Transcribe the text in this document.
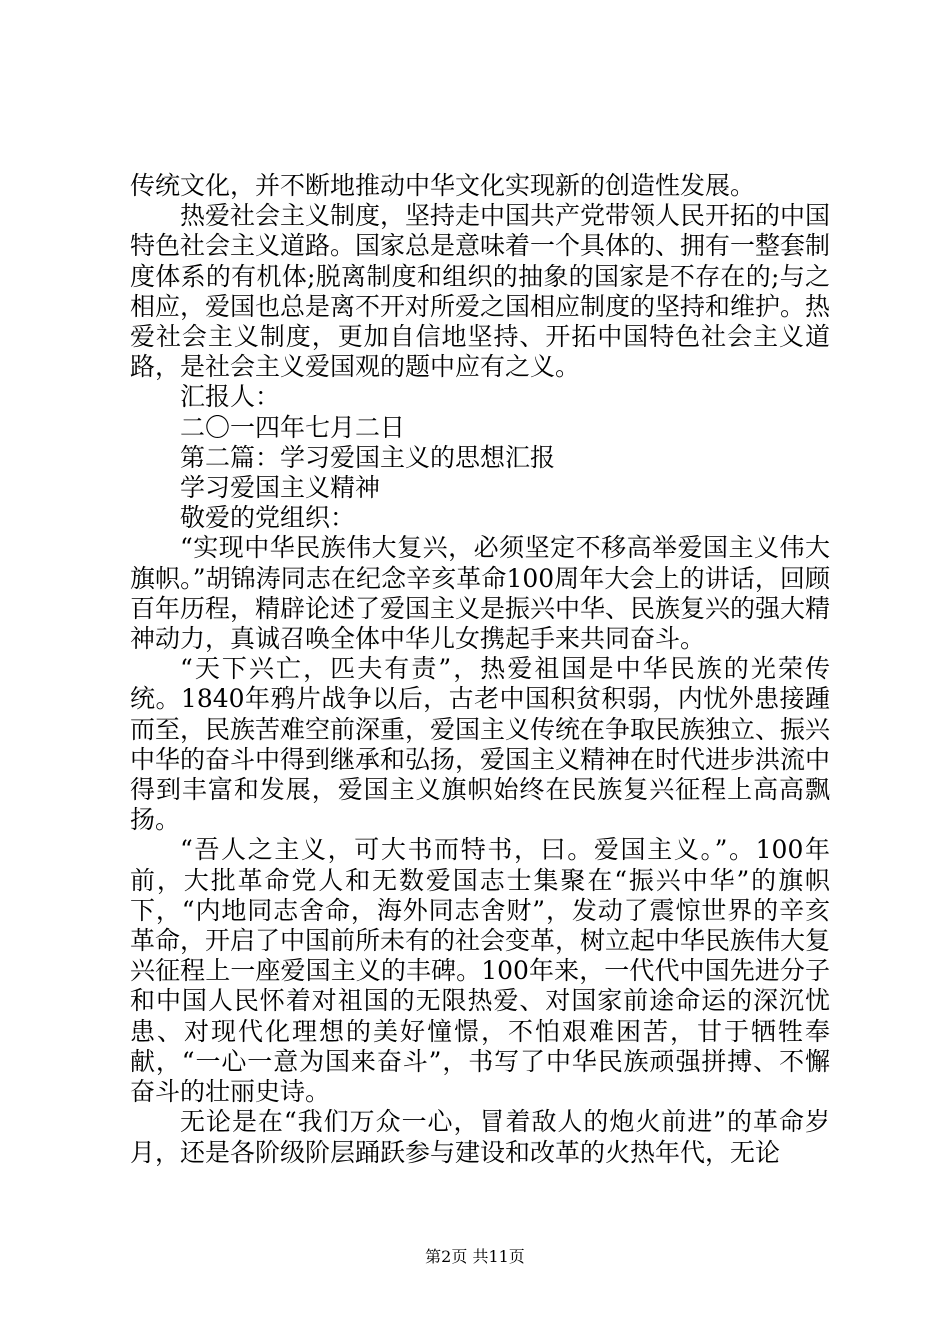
传统文化，并不断地推动中华文化实现新的创造性发展。

热爱社会主义制度，坚持走中国共产党带领人民开拓的中国特色社会主义道路。国家总是意味着一个具体的、拥有一整套制度体系的有机体;脱离制度和组织的抽象的国家是不存在的;与之相应，爱国也总是离不开对所爱之国相应制度的坚持和维护。热爱社会主义制度，更加自信地坚持、开拓中国特色社会主义道路，是社会主义爱国观的题中应有之义。

汇报人：

二〇一四年七月二日

第二篇：学习爱国主义的思想汇报

学习爱国主义精神

敬爱的党组织：

“实现中华民族伟大复兴，必须坚定不移高举爱国主义伟大旗帜。”胡锦涛同志在纪念辛亥革命100周年大会上的讲话，回顾百年历程，精辟论述了爱国主义是振兴中华、民族复兴的强大精神动力，真诚召唤全体中华儿女携起手来共同奋斗。

“天下兴亡，匹夫有责”，热爱祖国是中华民族的光荣传统。1840年鸦片战争以后，古老中国积贫积弱，内忧外患接踵而至，民族苦难空前深重，爱国主义传统在争取民族独立、振兴中华的奋斗中得到继承和弘扬，爱国主义精神在时代进步洪流中得到丰富和发展，爱国主义旗帜始终在民族复兴征程上高高飘扬。

“吾人之主义，可大书而特书，曰。爱国主义。”。100年前，大批革命党人和无数爱国志士集聚在“振兴中华”的旗帜下，“内地同志舍命，海外同志舍财”，发动了震惊世界的辛亥革命，开启了中国前所未有的社会变革，树立起中华民族伟大复兴征程上一座爱国主义的丰碑。100年来，一代代中国先进分子和中国人民怀着对祖国的无限热爱、对国家前途命运的深沉忧患、对现代化理想的美好憧憬，不怕艰难困苦，甘于牺牲奉献，“一心一意为国来奋斗”，书写了中华民族顽强拼搏、不懈奋斗的壮丽史诗。

无论是在“我们万众一心，冒着敌人的炮火前进”的革命岁月，还是各阶级阶层踊跃参与建设和改革的火热年代，无论

第2页 共11页
